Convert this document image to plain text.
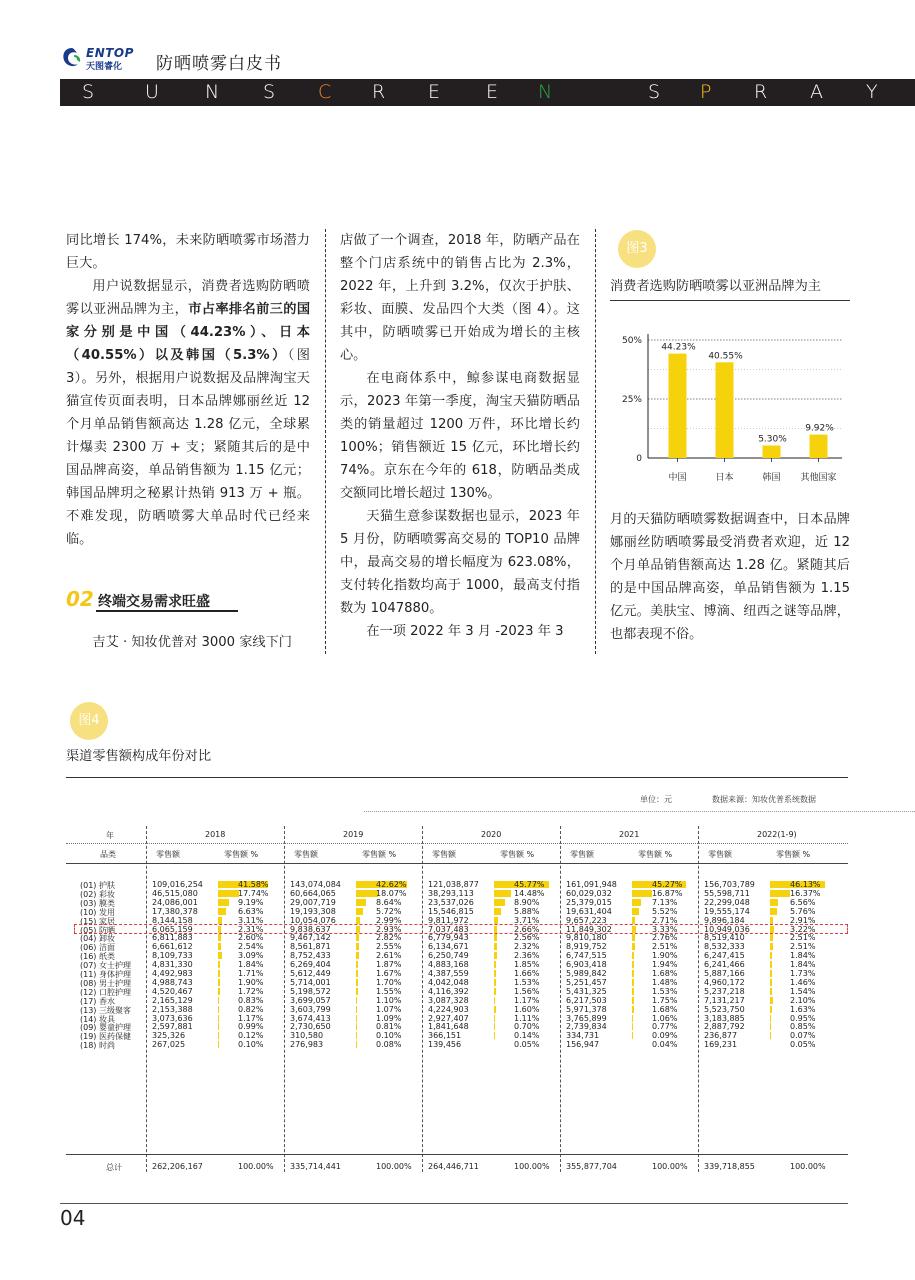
ENTOP
天图睿化 防晒喷雾白皮书
S	U N S C R E E N	S P R A Y

同比增长 174%，未来防晒喷雾市场潜力巨大。

用户说数据显示，消费者选购防晒喷雾以亚洲品牌为主，市占率排名前三的国家分别是中国（44.23%）、日本（40.55%）以及韩国（5.3%）（图 3）。另外，根据用户说数据及品牌淘宝天猫宣传页面表明，日本品牌娜丽丝近 12 个月单品销售额高达 1.28 亿元，全球累计爆卖 2300 万 + 支；紧随其后的是中国品牌高姿，单品销售额为 1.15 亿元；韩国品牌玥之秘累计热销 913 万 + 瓶。不难发现，防晒喷雾大单品时代已经来临。

02 终端交易需求旺盛

吉艾 · 知妆优普对 3000 家线下门

店做了一个调查，2018 年，防晒产品在整个门店系统中的销售占比为 2.3%，2022 年，上升到 3.2%，仅次于护肤、彩妆、面膜、发品四个大类（图 4）。这其中，防晒喷雾已开始成为增长的主核心。

在电商体系中，鲸参谋电商数据显示，2023 年第一季度，淘宝天猫防晒品类的销量超过 1200 万件，环比增长约 100%；销售额近 15 亿元，环比增长约 74%。京东在今年的 618，防晒品类成交额同比增长超过 130%。

天猫生意参谋数据也显示，2023 年 5 月份，防晒喷雾高交易的 TOP10 品牌中，最高交易的增长幅度为 623.08%，支付转化指数均高于 1000，最高支付指数为 1047880。

在一项 2022 年 3 月 -2023 年 3

图3
消费者选购防晒喷雾以亚洲品牌为主
0
25%
50%
44.23%
中国
40.55%
日本
5.30%
韩国
9.92%
其他国家

月的天猫防晒喷雾数据调查中，日本品牌娜丽丝防晒喷雾最受消费者欢迎，近 12 个月单品销售额高达 1.28 亿。紧随其后的是中国品牌高姿，单品销售额为 1.15 亿元。美肤宝、博滴、纽西之谜等品牌，也都表现不俗。

图4
渠道零售额构成年份对比
单位：元	数据来源：知妆优普系统数据
年	2018	2019	2020	2021	2022(1-9)
品类	零售额	零售额 %	零售额	零售额 %	零售额	零售额 %	零售额	零售额 %	零售额	零售额 %
(01) 护肤	109,016,254	41.58%	143,074,084	42.62%	121,038,877	45.77%	161,091,948	45.27%	156,703,789	46.13%
(02) 彩妆	46,515,080	17.74%	60,664,065	18.07%	38,293,113	14.48%	60,029,032	16.87%	55,598,711	16.37%
(03) 膜类	24,086,001	9.19%	29,007,719	8.64%	23,537,026	8.90%	25,379,015	7.13%	22,299,048	6.56%
(10) 发用	17,380,378	6.63%	19,193,308	5.72%	15,546,815	5.88%	19,631,404	5.52%	19,555,174	5.76%
(15) 家居	8,144,158	3.11%	10,054,076	2.99%	9,811,972	3.71%	9,657,223	2.71%	9,896,184	2.91%
(05) 防晒	6,065,159	2.31%	9,838,637	2.93%	7,037,483	2.66%	11,849,302	3.33%	10,949,036	3.22%
(04) 卸妆	6,811,883	2.60%	9,467,142	2.82%	6,779,943	2.56%	9,810,180	2.76%	8,519,410	2.51%
(06) 洁面	6,661,612	2.54%	8,561,871	2.55%	6,134,671	2.32%	8,919,752	2.51%	8,532,333	2.51%
(16) 纸类	8,109,733	3.09%	8,752,433	2.61%	6,250,749	2.36%	6,747,515	1.90%	6,247,415	1.84%
(07) 女士护理	4,831,330	1.84%	6,269,404	1.87%	4,883,168	1.85%	6,903,418	1.94%	6,241,466	1.84%
(11) 身体护理	4,492,983	1.71%	5,612,449	1.67%	4,387,559	1.66%	5,989,842	1.68%	5,887,166	1.73%
(08) 男士护理	4,988,743	1.90%	5,714,001	1.70%	4,042,048	1.53%	5,251,457	1.48%	4,960,172	1.46%
(12) 口腔护理	4,520,467	1.72%	5,198,572	1.55%	4,116,392	1.56%	5,431,325	1.53%	5,237,218	1.54%
(17) 香水	2,165,129	0.83%	3,699,057	1.10%	3,087,328	1.17%	6,217,503	1.75%	7,131,217	2.10%
(13) 三级聚客	2,153,388	0.82%	3,603,799	1.07%	4,224,903	1.60%	5,971,378	1.68%	5,523,750	1.63%
(14) 妆具	3,073,636	1.17%	3,674,413	1.09%	2,927,407	1.11%	3,765,899	1.06%	3,183,885	0.95%
(09) 婴童护理	2,597,881	0.99%	2,730,650	0.81%	1,841,648	0.70%	2,739,834	0.77%	2,887,792	0.85%
(19) 医药保健	325,326	0.12%	310,580	0.10%	366,151	0.14%	334,731	0.09%	236,877	0.07%
(18) 时尚	267,025	0.10%	276,983	0.08%	139,456	0.05%	156,947	0.04%	169,231	0.05%
总计	262,206,167	100.00% 335,714,441	100.00% 264,446,711	100.00% 355,877,704	100.00% 339,718,855	100.00%
04
